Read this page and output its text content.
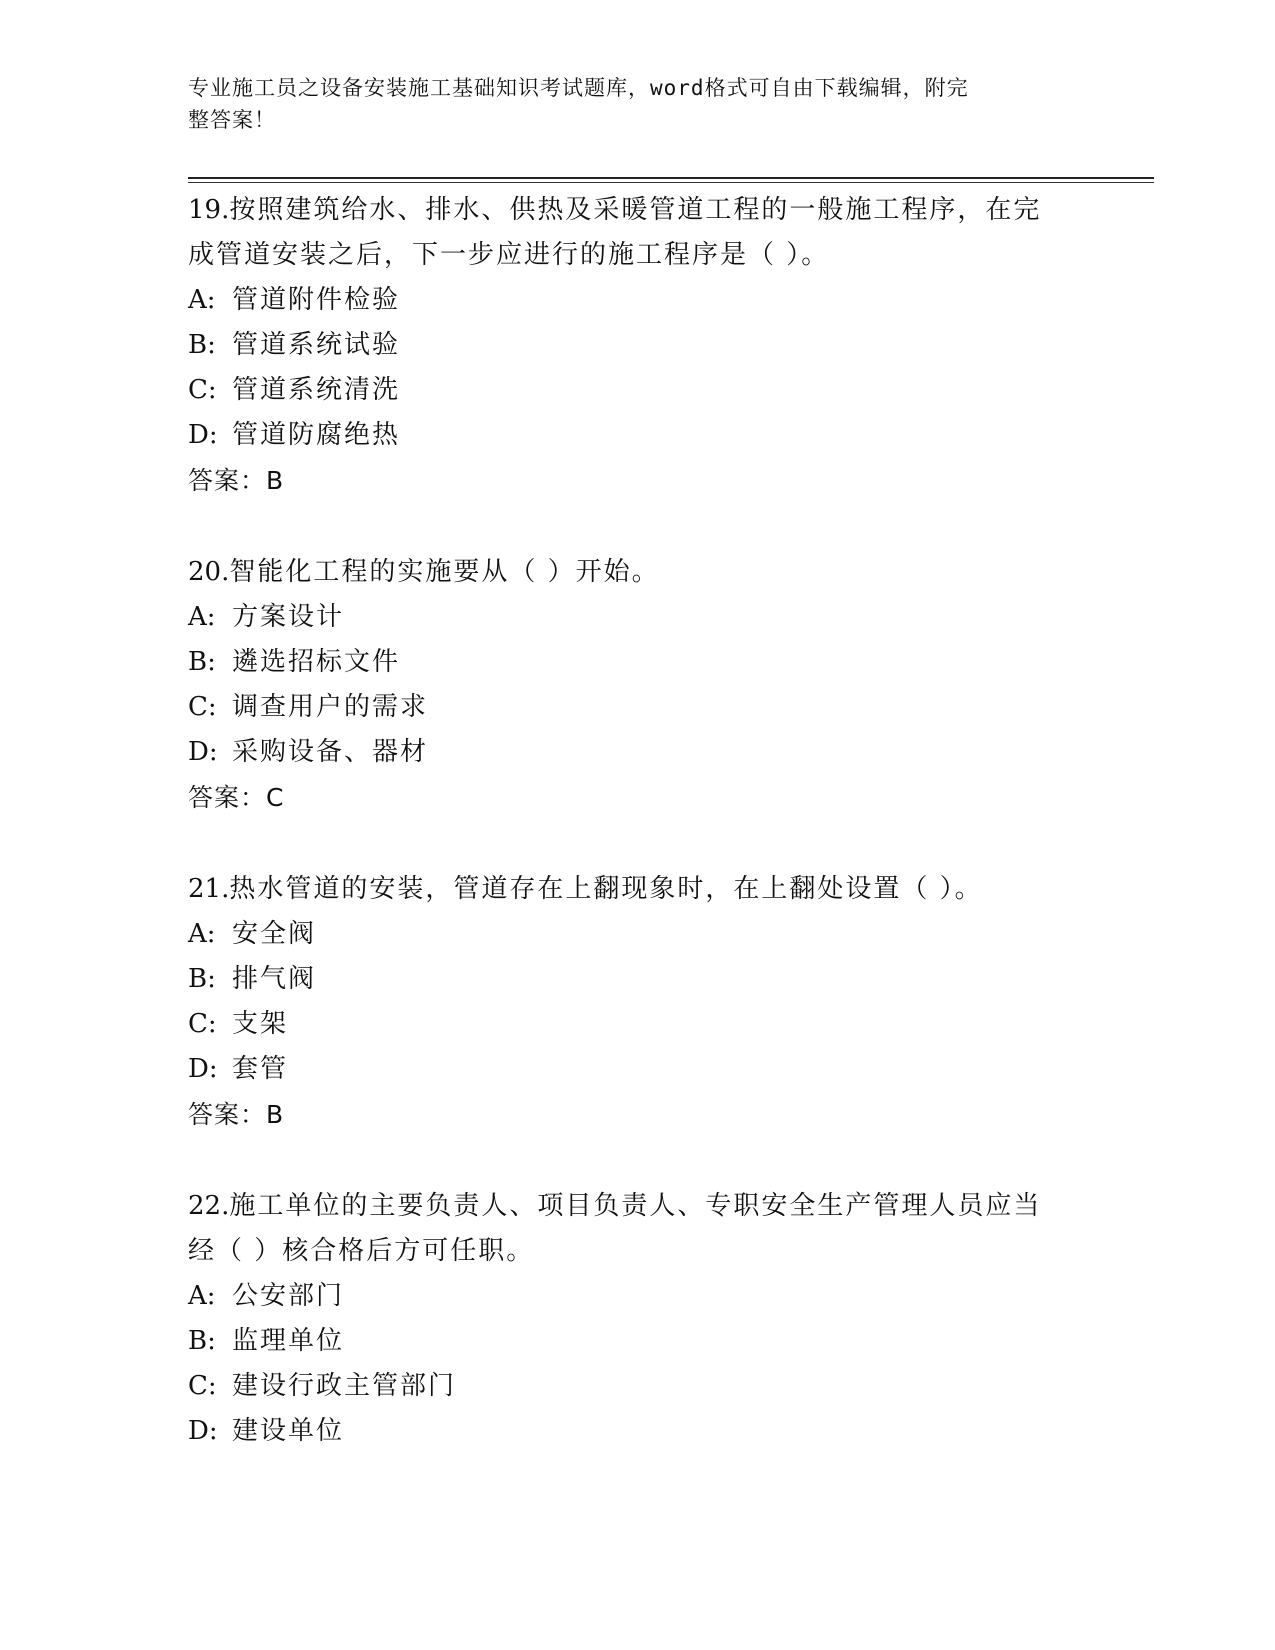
专业施工员之设备安装施工基础知识考试题库，word格式可自由下载编辑，附完
整答案！
19.按照建筑给水、排水、供热及采暖管道工程的一般施工程序，在完
成管道安装之后，下一步应进行的施工程序是（ ）。
A: 管道附件检验
B: 管道系统试验
C: 管道系统清洗
D: 管道防腐绝热
答案：B
20.智能化工程的实施要从（ ）开始。
A: 方案设计
B: 遴选招标文件
C: 调查用户的需求
D: 采购设备、器材
答案：C
21.热水管道的安装，管道存在上翻现象时，在上翻处设置（ ）。
A: 安全阀
B: 排气阀
C: 支架
D: 套管
答案：B
22.施工单位的主要负责人、项目负责人、专职安全生产管理人员应当
经（ ）核合格后方可任职。
A: 公安部门
B: 监理单位
C: 建设行政主管部门
D: 建设单位
